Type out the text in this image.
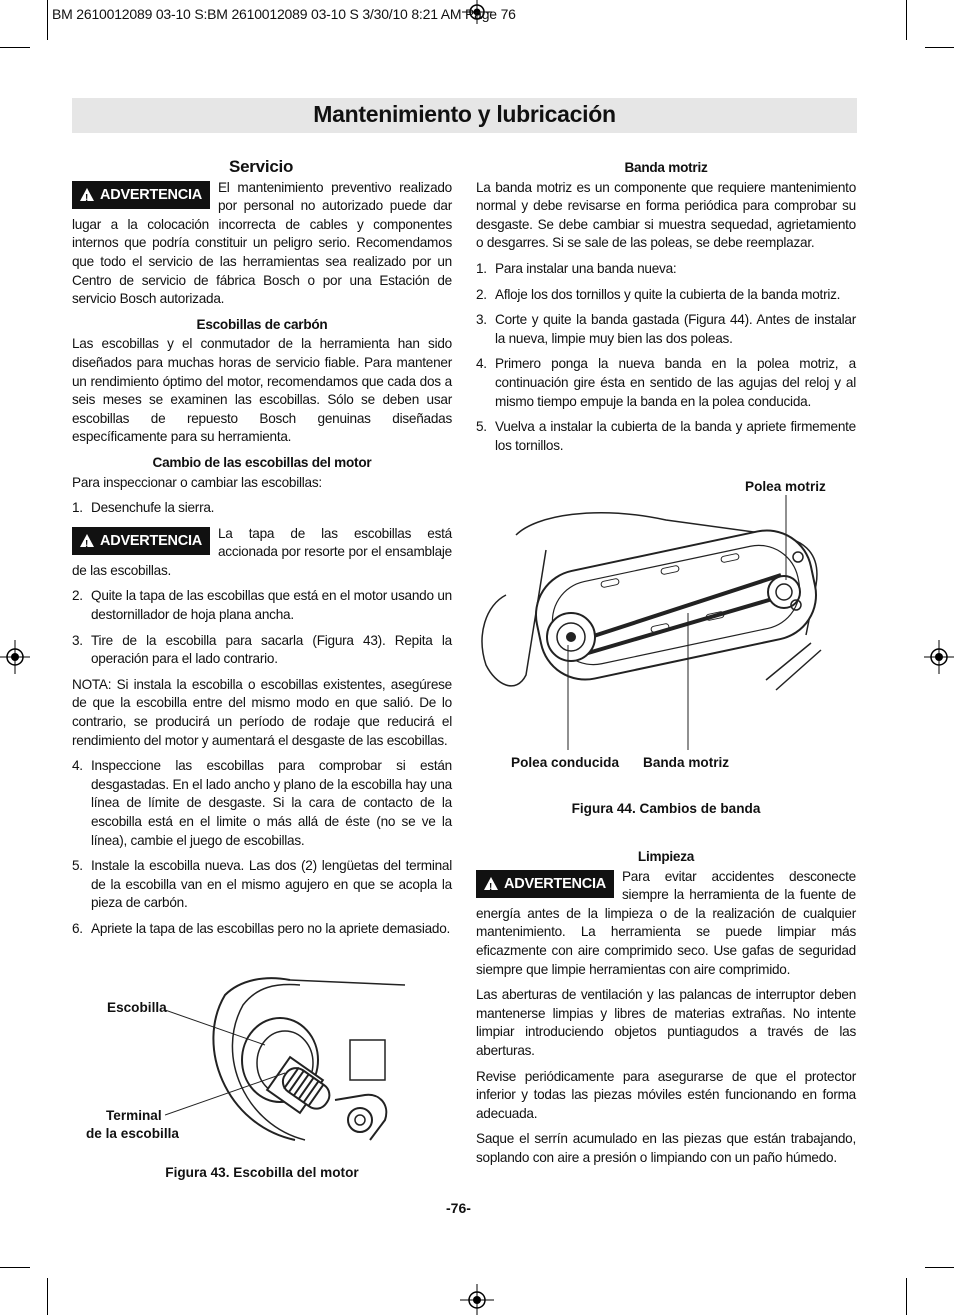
BM 2610012089 03-10 S:BM 2610012089 03-10 S 3/30/10 8:21 AM Page 76
Mantenimiento y lubricación
Servicio

! ADVERTENCIA El mantenimiento preventivo realizado por personal no autorizado puede dar lugar a la colocación incorrecta de cables y componentes internos que podría constituir un peligro serio. Recomendamos que todo el servicio de las herramientas sea realizado por un Centro de servicio de fábrica Bosch o por una Estación de servicio Bosch autorizada.

Escobillas de carbón

Las escobillas y el conmutador de la herramienta han sido diseñados para muchas horas de servicio fiable. Para mantener un rendimiento óptimo del motor, recomendamos que cada dos a seis meses se examinen las escobillas. Sólo se deben usar escobillas de repuesto Bosch genuinas diseñadas específicamente para su herramienta.

Cambio de las escobillas del motor

Para inspeccionar o cambiar las escobillas:

1. Desenchufe la sierra.

! ADVERTENCIA La tapa de las escobillas está accionada por resorte por el ensamblaje de las escobillas.

2. Quite la tapa de las escobillas que está en el motor usando un destornillador de hoja plana ancha.
3. Tire de la escobilla para sacarla (Figura 43). Repita la operación para el lado contrario.

NOTA: Si instala la escobilla o escobillas existentes, asegúrese de que la escobilla entre del mismo modo en que salió. De lo contrario, se producirá un período de rodaje que reducirá el rendimiento del motor y aumentará el desgaste de las escobillas.

4. Inspeccione las escobillas para comprobar si están desgastadas. En el lado ancho y plano de la escobilla hay una línea de límite de desgaste. Si la cara de contacto de la escobilla está en el limite o más allá de éste (no se ve la línea), cambie el juego de escobillas.
5. Instale la escobilla nueva. Las dos (2) lengüetas del terminal de la escobilla van en el mismo agujero en que se acopla la pieza de carbón.
6. Apriete la tapa de las escobillas pero no la apriete demasiado.
Escobilla
Terminal
de la escobilla
Figura 43. Escobilla del motor
Banda motriz

La banda motriz es un componente que requiere mantenimiento normal y debe revisarse en forma periódica para comprobar su desgaste. Se debe cambiar si muestra sequedad, agrietamiento o desgarres. Si se sale de las poleas, se debe reemplazar.

1. Para instalar una banda nueva:
2. Afloje los dos tornillos y quite la cubierta de la banda motriz.
3. Corte y quite la banda gastada (Figura 44). Antes de instalar la nueva, limpie muy bien las dos poleas.
4. Primero ponga la nueva banda en la polea motriz, a continuación gire ésta en sentido de las agujas del reloj y al mismo tiempo empuje la banda en la polea conducida.
5. Vuelva a instalar la cubierta de la banda y apriete firmemente los tornillos.
Polea motriz
Polea conducida Banda motriz
Figura 44. Cambios de banda
Limpieza

! ADVERTENCIA Para evitar accidentes desconecte siempre la herramienta de la fuente de energía antes de la limpieza o de la realización de cualquier mantenimiento. La herramienta se puede limpiar más eficazmente con aire comprimido seco. Use gafas de seguridad siempre que limpie herramientas con aire comprimido.

Las aberturas de ventilación y las palancas de interruptor deben mantenerse limpias y libres de materias extrañas. No intente limpiar introduciendo objetos puntiagudos a través de las aberturas.

Revise periódicamente para asegurarse de que el protector inferior y todas las piezas móviles estén funcionando en forma adecuada.

Saque el serrín acumulado en las piezas que están trabajando, soplando con aire a presión o limpiando con un paño húmedo.

-76-
